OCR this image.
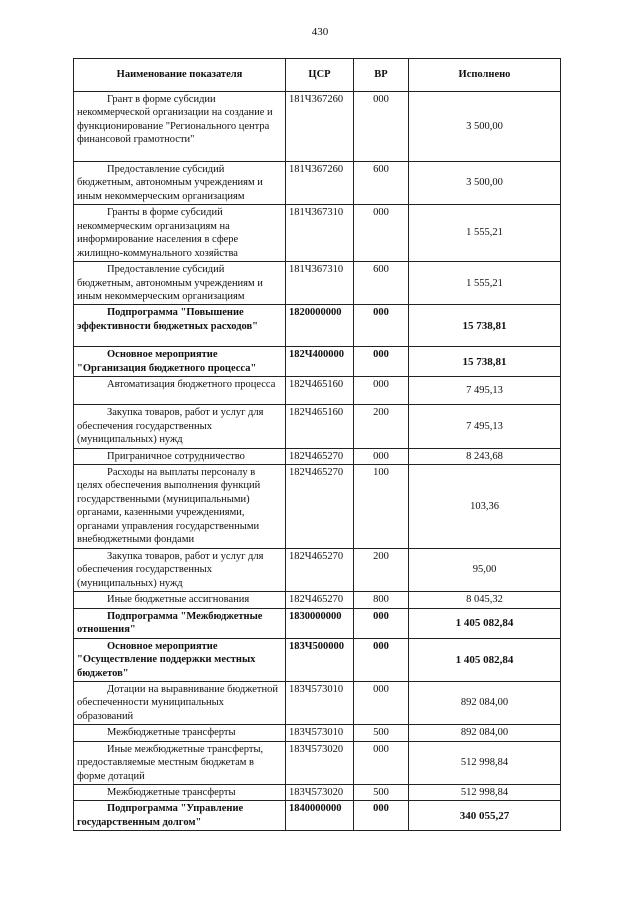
430
Наименование показателя	ЦСР	ВР	Исполнено
Грант в форме субсидии некоммерческой организации на создание и функционирование "Регионального центра финансовой грамотности"	181Ч367260	000	3 500,00
Предоставление субсидий бюджетным, автономным учреждениям и иным некоммерческим организациям	181Ч367260	600	3 500,00
Гранты в форме субсидий некоммерческим организациям на информирование населения в сфере жилищно-коммунального хозяйства	181Ч367310	000	1 555,21
Предоставление субсидий бюджетным, автономным учреждениям и иным некоммерческим организациям	181Ч367310	600	1 555,21
Подпрограмма "Повышение эффективности бюджетных расходов"	1820000000	000	15 738,81
Основное мероприятие "Организация бюджетного процесса"	182Ч400000	000	15 738,81
Автоматизация бюджетного процесса	182Ч465160	000	7 495,13
Закупка товаров, работ и услуг для обеспечения государственных (муниципальных) нужд	182Ч465160	200	7 495,13
Приграничное сотрудничество	182Ч465270	000	8 243,68
Расходы на выплаты персоналу в целях обеспечения выполнения функций государственными (муниципальными) органами, казенными учреждениями, органами управления государственными внебюджетными фондами	182Ч465270	100	103,36
Закупка товаров, работ и услуг для обеспечения государственных (муниципальных) нужд	182Ч465270	200	95,00
Иные бюджетные ассигнования	182Ч465270	800	8 045,32
Подпрограмма "Межбюджетные отношения"	1830000000	000	1 405 082,84
Основное мероприятие "Осуществление поддержки местных бюджетов"	183Ч500000	000	1 405 082,84
Дотации на выравнивание бюджетной обеспеченности муниципальных образований	183Ч573010	000	892 084,00
Межбюджетные трансферты	183Ч573010	500	892 084,00
Иные межбюджетные трансферты, предоставляемые местным бюджетам в форме дотаций	183Ч573020	000	512 998,84
Межбюджетные трансферты	183Ч573020	500	512 998,84
Подпрограмма "Управление государственным долгом"	1840000000	000	340 055,27
